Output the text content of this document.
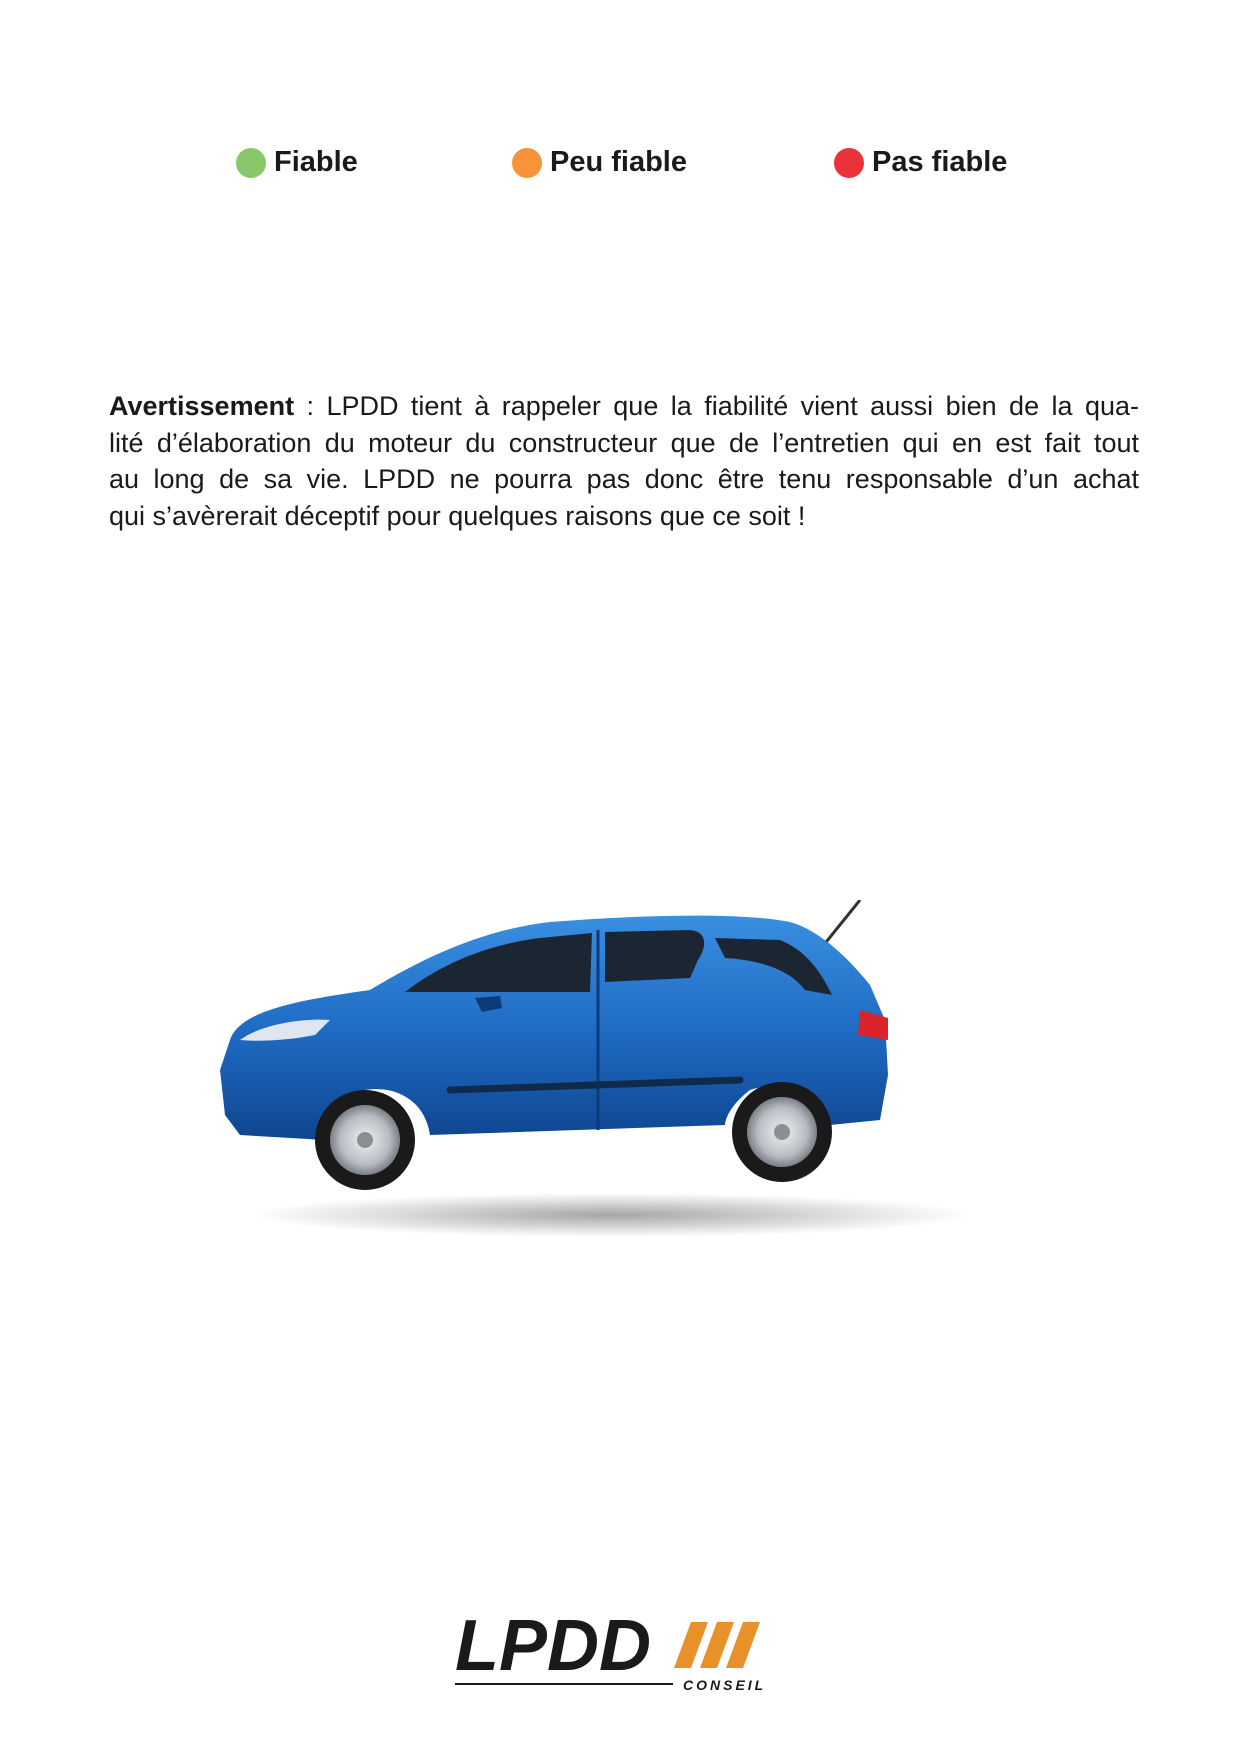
Fiable	Peu fiable	Pas fiable
Avertissement : LPDD tient à rappeler que la fiabilité vient aussi bien de la qua-
lité d’élaboration du moteur du constructeur que de l’entretien qui en est fait tout
au long de sa vie. LPDD ne pourra pas donc être tenu responsable d’un achat
qui s’avèrerait déceptif pour quelques raisons que ce soit !
LPDD CONSEIL
